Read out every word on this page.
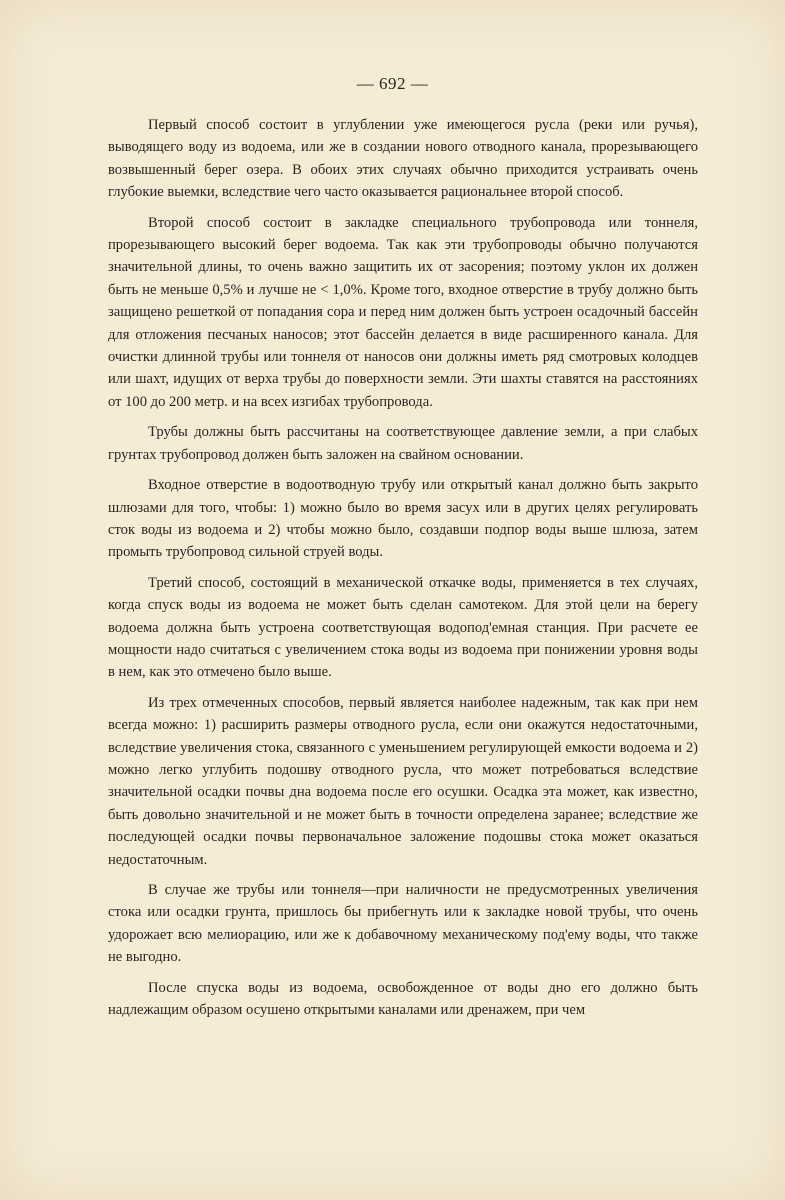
— 692 —

Первый способ состоит в углублении уже имеющегося русла (реки или ручья), выводящего воду из водоема, или же в создании нового отводного канала, прорезывающего возвышенный берег озера. В обоих этих случаях обычно приходится устраивать очень глубокие выемки, вследствие чего часто оказывается рациональнее второй способ.

Второй способ состоит в закладке специального трубопровода или тоннеля, прорезывающего высокий берег водоема. Так как эти трубопроводы обычно получаются значительной длины, то очень важно защитить их от засорения; поэтому уклон их должен быть не меньше 0,5% и лучше не < 1,0%. Кроме того, входное отверстие в трубу должно быть защищено решеткой от попадания сора и перед ним должен быть устроен осадочный бассейн для отложения песчаных наносов; этот бассейн делается в виде расширенного канала. Для очистки длинной трубы или тоннеля от наносов они должны иметь ряд смотровых колодцев или шахт, идущих от верха трубы до поверхности земли. Эти шахты ставятся на расстояниях от 100 до 200 метр. и на всех изгибах трубопровода.

Трубы должны быть рассчитаны на соответствующее давление земли, а при слабых грунтах трубопровод должен быть заложен на свайном основании.

Входное отверстие в водоотводную трубу или открытый канал должно быть закрыто шлюзами для того, чтобы: 1) можно было во время засух или в других целях регулировать сток воды из водоема и 2) чтобы можно было, создавши подпор воды выше шлюза, затем промыть трубопровод сильной струей воды.

Третий способ, состоящий в механической откачке воды, применяется в тех случаях, когда спуск воды из водоема не может быть сделан самотеком. Для этой цели на берегу водоема должна быть устроена соответствующая водопод'емная станция. При расчете ее мощности надо считаться с увеличением стока воды из водоема при понижении уровня воды в нем, как это отмечено было выше.

Из трех отмеченных способов, первый является наиболее надежным, так как при нем всегда можно: 1) расширить размеры отводного русла, если они окажутся недостаточными, вследствие увеличения стока, связанного с уменьшением регулирующей емкости водоема и 2) можно легко углубить подошву отводного русла, что может потребоваться вследствие значительной осадки почвы дна водоема после его осушки. Осадка эта может, как известно, быть довольно значительной и не может быть в точности определена заранее; вследствие же последующей осадки почвы первоначальное заложение подошвы стока может оказаться недостаточным.

В случае же трубы или тоннеля—при наличности не предусмотренных увеличения стока или осадки грунта, пришлось бы прибегнуть или к закладке новой трубы, что очень удорожает всю мелиорацию, или же к добавочному механическому под'ему воды, что также не выгодно.

После спуска воды из водоема, освобожденное от воды дно его должно быть надлежащим образом осушено открытыми каналами или дренажем, при чем
